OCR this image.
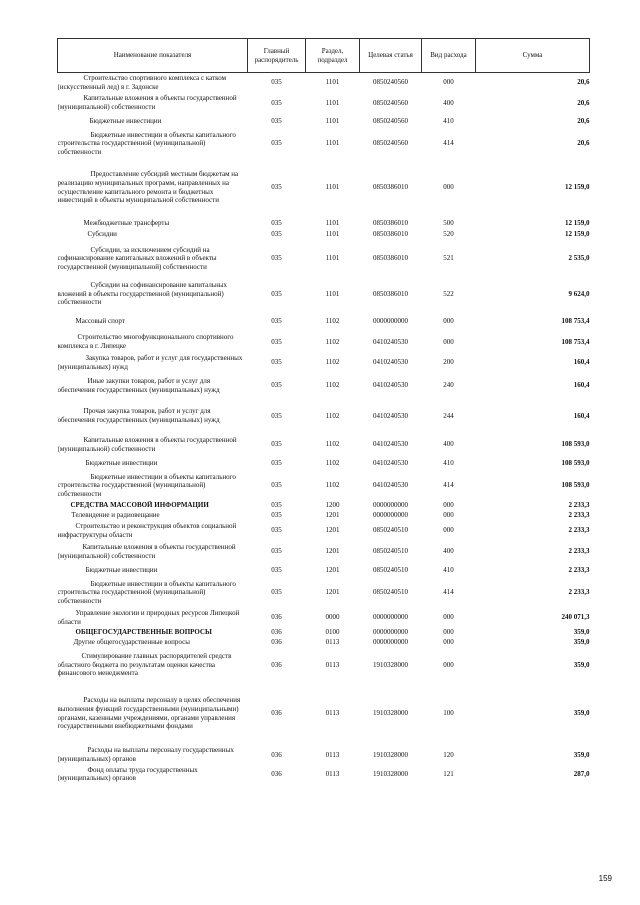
Наименование показателя	Главный распорядитель	Раздел, подраздел	Целевая статья	Вид расхода	Сумма
Строительство спортивного комплекса с катком (искусственный лед) в г. Задонске	035	1101	0850240560	000	20,6
Капитальные вложения в объекты государственной (муниципальной) собственности	035	1101	0850240560	400	20,6
Бюджетные инвестиции	035	1101	0850240560	410	20,6
Бюджетные инвестиции в объекты капитального строительства государственной (муниципальной) собственности	035	1101	0850240560	414	20,6
Предоставление субсидий местным бюджетам на реализацию муниципальных программ, направленных на осуществление капитального ремонта и бюджетных инвестиций в объекты муниципальной собственности	035	1101	0850386010	000	12 159,0
Межбюджетные трансферты	035	1101	0850386010	500	12 159,0
Субсидии	035	1101	0850386010	520	12 159,0
Субсидии, за исключением субсидий на софинансирование капитальных вложений в объекты государственной (муниципальной) собственности	035	1101	0850386010	521	2 535,0
Субсидии на софинансирование капитальных вложений в объекты государственной (муниципальной) собственности	035	1101	0850386010	522	9 624,0
Массовый спорт	035	1102	0000000000	000	108 753,4
Строительство многофункционального спортивного комплекса в г. Липецке	035	1102	0410240530	000	108 753,4
Закупка товаров, работ и услуг для государственных (муниципальных) нужд	035	1102	0410240530	200	160,4
Иные закупки товаров, работ и услуг для обеспечения государственных (муниципальных) нужд	035	1102	0410240530	240	160,4
Прочая закупка товаров, работ и услуг для обеспечения государственных (муниципальных) нужд	035	1102	0410240530	244	160,4
Капитальные вложения в объекты государственной (муниципальной) собственности	035	1102	0410240530	400	108 593,0
Бюджетные инвестиции	035	1102	0410240530	410	108 593,0
Бюджетные инвестиции в объекты капитального строительства государственной (муниципальной) собственности	035	1102	0410240530	414	108 593,0
СРЕДСТВА МАССОВОЙ ИНФОРМАЦИИ	035	1200	0000000000	000	2 233,3
Телевидение и радиовещание	035	1201	0000000000	000	2 233,3
Строительство и реконструкция объектов социальной инфраструктуры области	035	1201	0850240510	000	2 233,3
Капитальные вложения в объекты государственной (муниципальной) собственности	035	1201	0850240510	400	2 233,3
Бюджетные инвестиции	035	1201	0850240510	410	2 233,3
Бюджетные инвестиции в объекты капитального строительства государственной (муниципальной) собственности	035	1201	0850240510	414	2 233,3
Управление экологии и природных ресурсов Липецкой области	036	0000	0000000000	000	240 071,3
ОБЩЕГОСУДАРСТВЕННЫЕ ВОПРОСЫ	036	0100	0000000000	000	359,0
Другие общегосударственные вопросы	036	0113	0000000000	000	359,0
Стимулирование главных распорядителей средств областного бюджета по результатам оценки качества финансового менеджмента	036	0113	1910328000	000	359,0
Расходы на выплаты персоналу в целях обеспечения выполнения функций государственными (муниципальными) органами, казенными учреждениями, органами управления государственными внебюджетными фондами	036	0113	1910328000	100	359,0
Расходы на выплаты персоналу государственных (муниципальных) органов	036	0113	1910328000	120	359,0
Фонд оплаты труда государственных (муниципальных) органов	036	0113	1910328000	121	287,0
159
